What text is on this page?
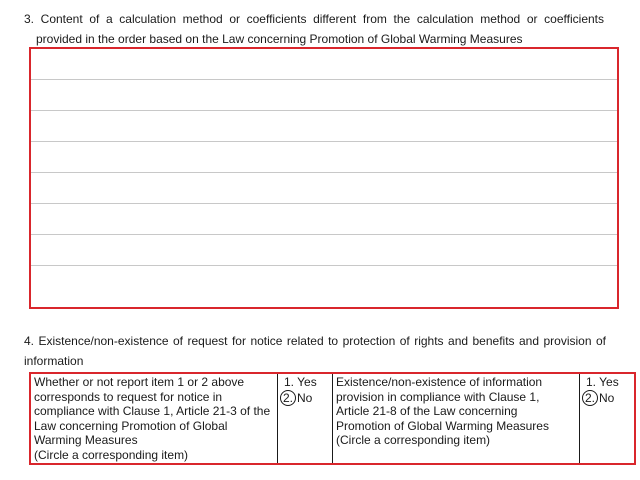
3. Content of a calculation method or coefficients different from the calculation method or coefficients
provided in the order based on the Law concerning Promotion of Global Warming Measures
4. Existence/non-existence of request for notice related to protection of rights and benefits and provision of
information
Whether or not report item 1 or 2 above
corresponds to request for notice in
compliance with Clause 1, Article 21-3 of the
Law concerning Promotion of Global
Warming Measures
(Circle a corresponding item)

1. Yes
2. No

Existence/non-existence of information
provision in compliance with Clause 1,
Article 21-8 of the Law concerning
Promotion of Global Warming Measures
(Circle a corresponding item)

1. Yes
2. No
